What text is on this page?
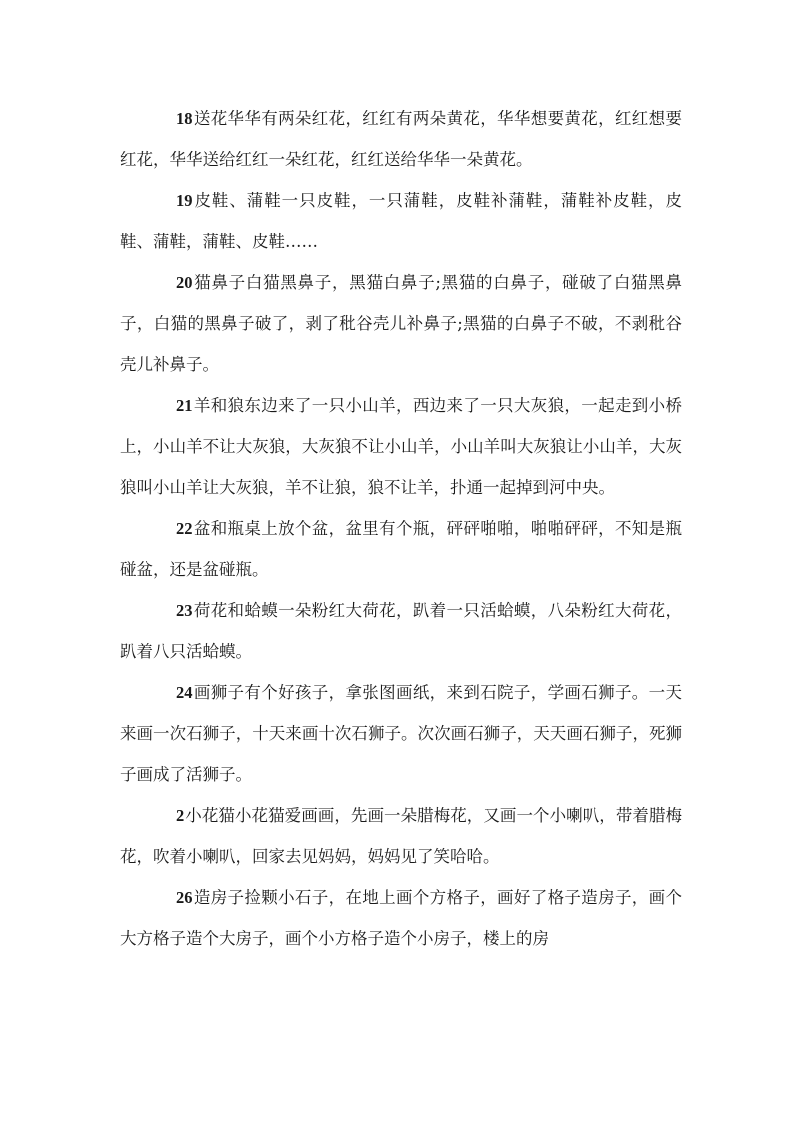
18送花华华有两朵红花，红红有两朵黄花，华华想要黄花，红红想要红花，华华送给红红一朵红花，红红送给华华一朵黄花。

19皮鞋、蒲鞋一只皮鞋，一只蒲鞋，皮鞋补蒲鞋，蒲鞋补皮鞋，皮鞋、蒲鞋，蒲鞋、皮鞋……

20猫鼻子白猫黑鼻子，黑猫白鼻子;黑猫的白鼻子，碰破了白猫黑鼻子，白猫的黑鼻子破了，剥了秕谷壳儿补鼻子;黑猫的白鼻子不破，不剥秕谷壳儿补鼻子。

21羊和狼东边来了一只小山羊，西边来了一只大灰狼，一起走到小桥上，小山羊不让大灰狼，大灰狼不让小山羊，小山羊叫大灰狼让小山羊，大灰狼叫小山羊让大灰狼，羊不让狼，狼不让羊，扑通一起掉到河中央。

22盆和瓶桌上放个盆，盆里有个瓶，砰砰啪啪，啪啪砰砰，不知是瓶碰盆，还是盆碰瓶。

23荷花和蛤蟆一朵粉红大荷花，趴着一只活蛤蟆，八朵粉红大荷花，趴着八只活蛤蟆。

24画狮子有个好孩子，拿张图画纸，来到石院子，学画石狮子。一天来画一次石狮子，十天来画十次石狮子。次次画石狮子，天天画石狮子，死狮子画成了活狮子。

2小花猫小花猫爱画画，先画一朵腊梅花，又画一个小喇叭，带着腊梅花，吹着小喇叭，回家去见妈妈，妈妈见了笑哈哈。

26造房子捡颗小石子，在地上画个方格子，画好了格子造房子，画个大方格子造个大房子，画个小方格子造个小房子，楼上的房
